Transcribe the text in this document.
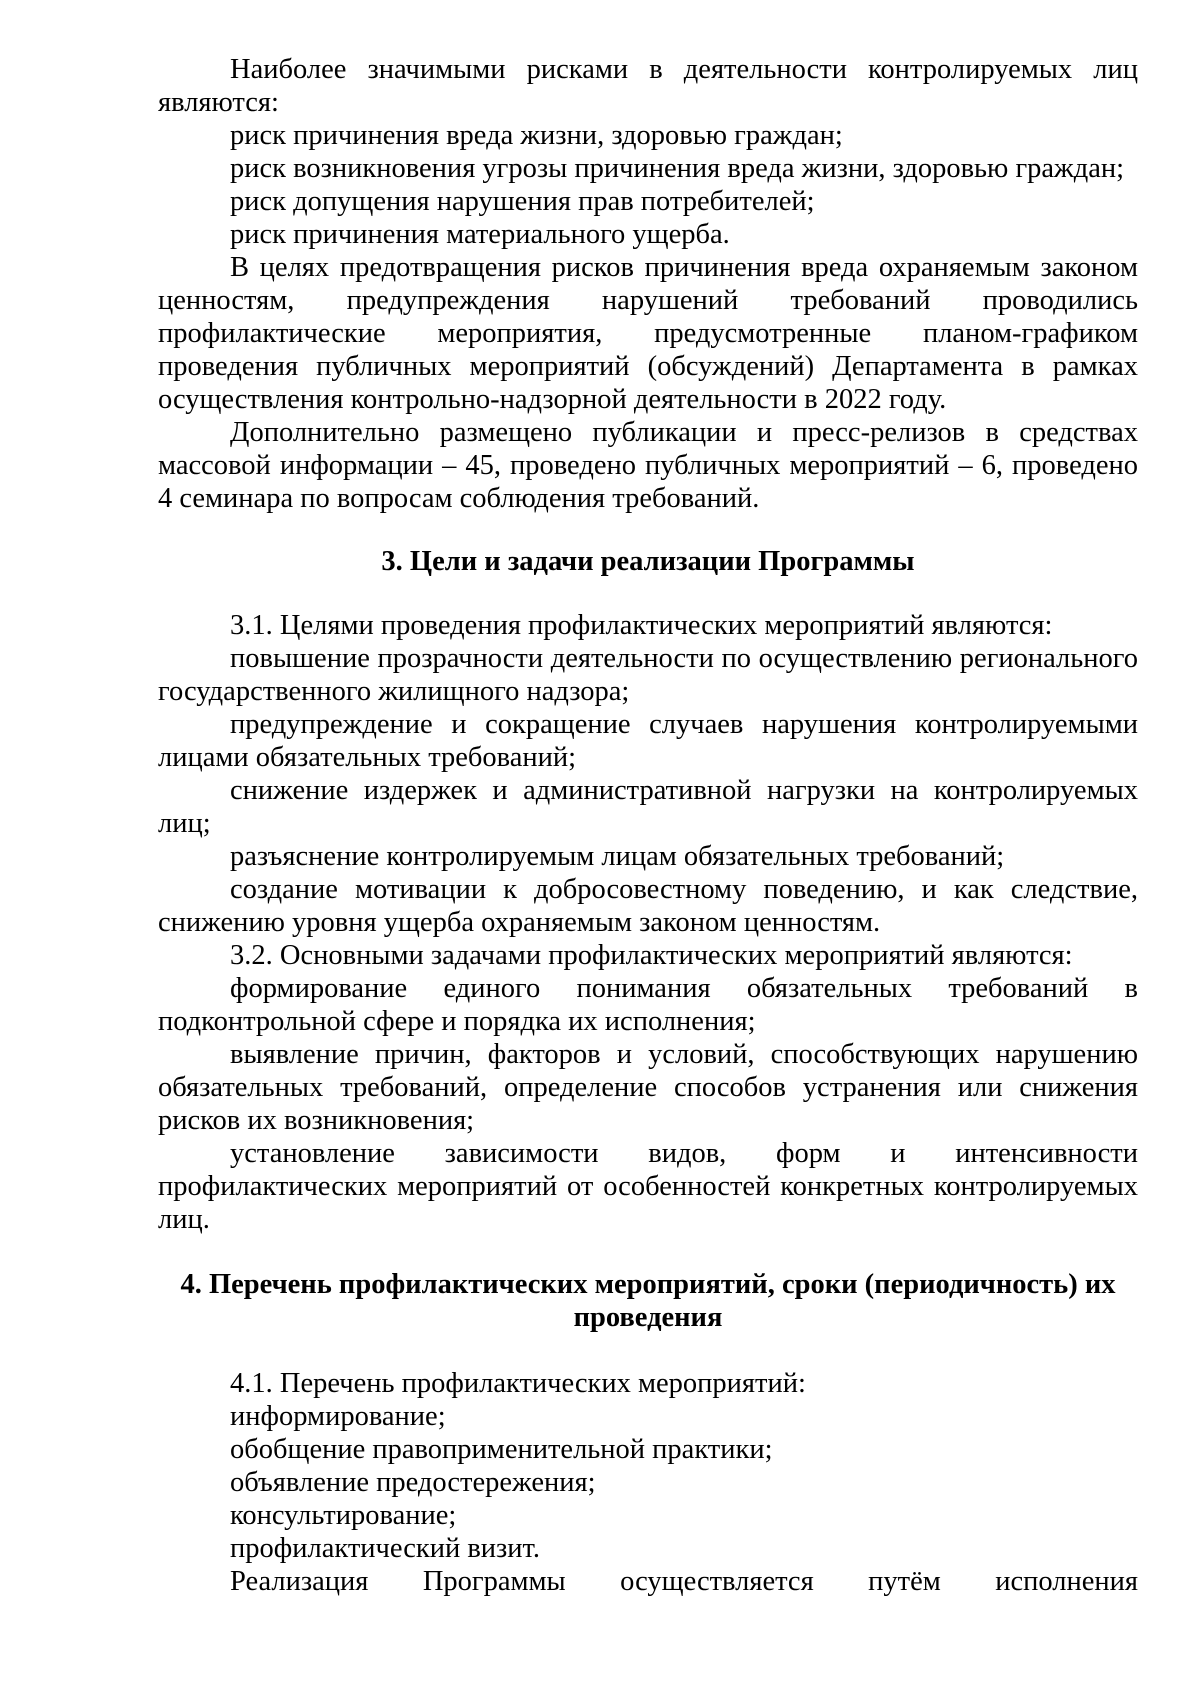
Наиболее значимыми рисками в деятельности контролируемых лиц являются:

риск причинения вреда жизни, здоровью граждан;

риск возникновения угрозы причинения вреда жизни, здоровью граждан;

риск допущения нарушения прав потребителей;

риск причинения материального ущерба.

В целях предотвращения рисков причинения вреда охраняемым законом ценностям, предупреждения нарушений требований проводились профилактические мероприятия, предусмотренные планом-графиком проведения публичных мероприятий (обсуждений) Департамента в рамках осуществления контрольно-надзорной деятельности в 2022 году.

Дополнительно размещено публикации и пресс-релизов в средствах массовой информации – 45, проведено публичных мероприятий – 6, проведено 4 семинара по вопросам соблюдения требований.

3. Цели и задачи реализации Программы

3.1. Целями проведения профилактических мероприятий являются:

повышение прозрачности деятельности по осуществлению регионального государственного жилищного надзора;

предупреждение и сокращение случаев нарушения контролируемыми лицами обязательных требований;

снижение издержек и административной нагрузки на контролируемых лиц;

разъяснение контролируемым лицам обязательных требований;

создание мотивации к добросовестному поведению, и как следствие, снижению уровня ущерба охраняемым законом ценностям.

3.2. Основными задачами профилактических мероприятий являются:

формирование единого понимания обязательных требований в подконтрольной сфере и порядка их исполнения;

выявление причин, факторов и условий, способствующих нарушению обязательных требований, определение способов устранения или снижения рисков их возникновения;

установление зависимости видов, форм и интенсивности профилактических мероприятий от особенностей конкретных контролируемых лиц.

4. Перечень профилактических мероприятий, сроки (периодичность) их проведения

4.1. Перечень профилактических мероприятий:

информирование;

обобщение правоприменительной практики;

объявление предостережения;

консультирование;

профилактический визит.

Реализация Программы осуществляется путём исполнения
